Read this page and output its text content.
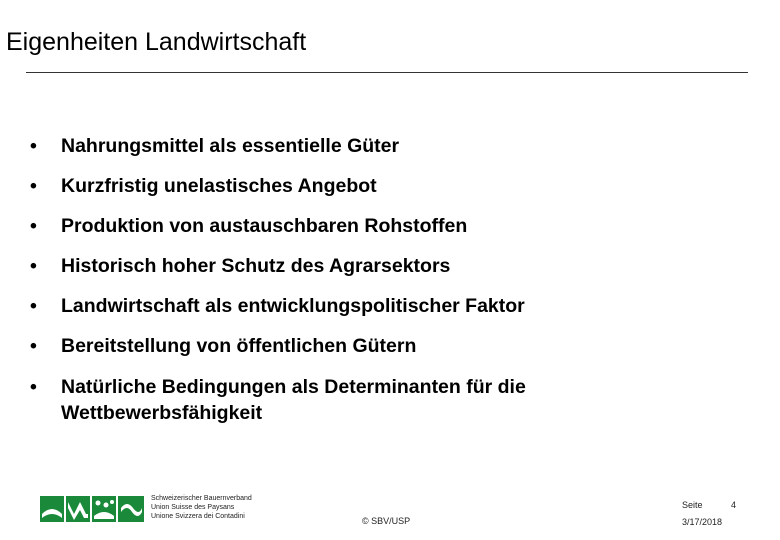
Eigenheiten Landwirtschaft
• Nahrungsmittel als essentielle Güter
• Kurzfristig unelastisches Angebot
• Produktion von austauschbaren Rohstoffen
• Historisch hoher Schutz des Agrarsektors
• Landwirtschaft als entwicklungspolitischer Faktor
• Bereitstellung von öffentlichen Gütern
• Natürliche Bedingungen als Determinanten für die Wettbewerbsfähigkeit
Schweizerischer Bauernverband
Union Suisse des Paysans
Unione Svizzera dei Contadini	© SBV/USP
Seite	4
3/17/2018
